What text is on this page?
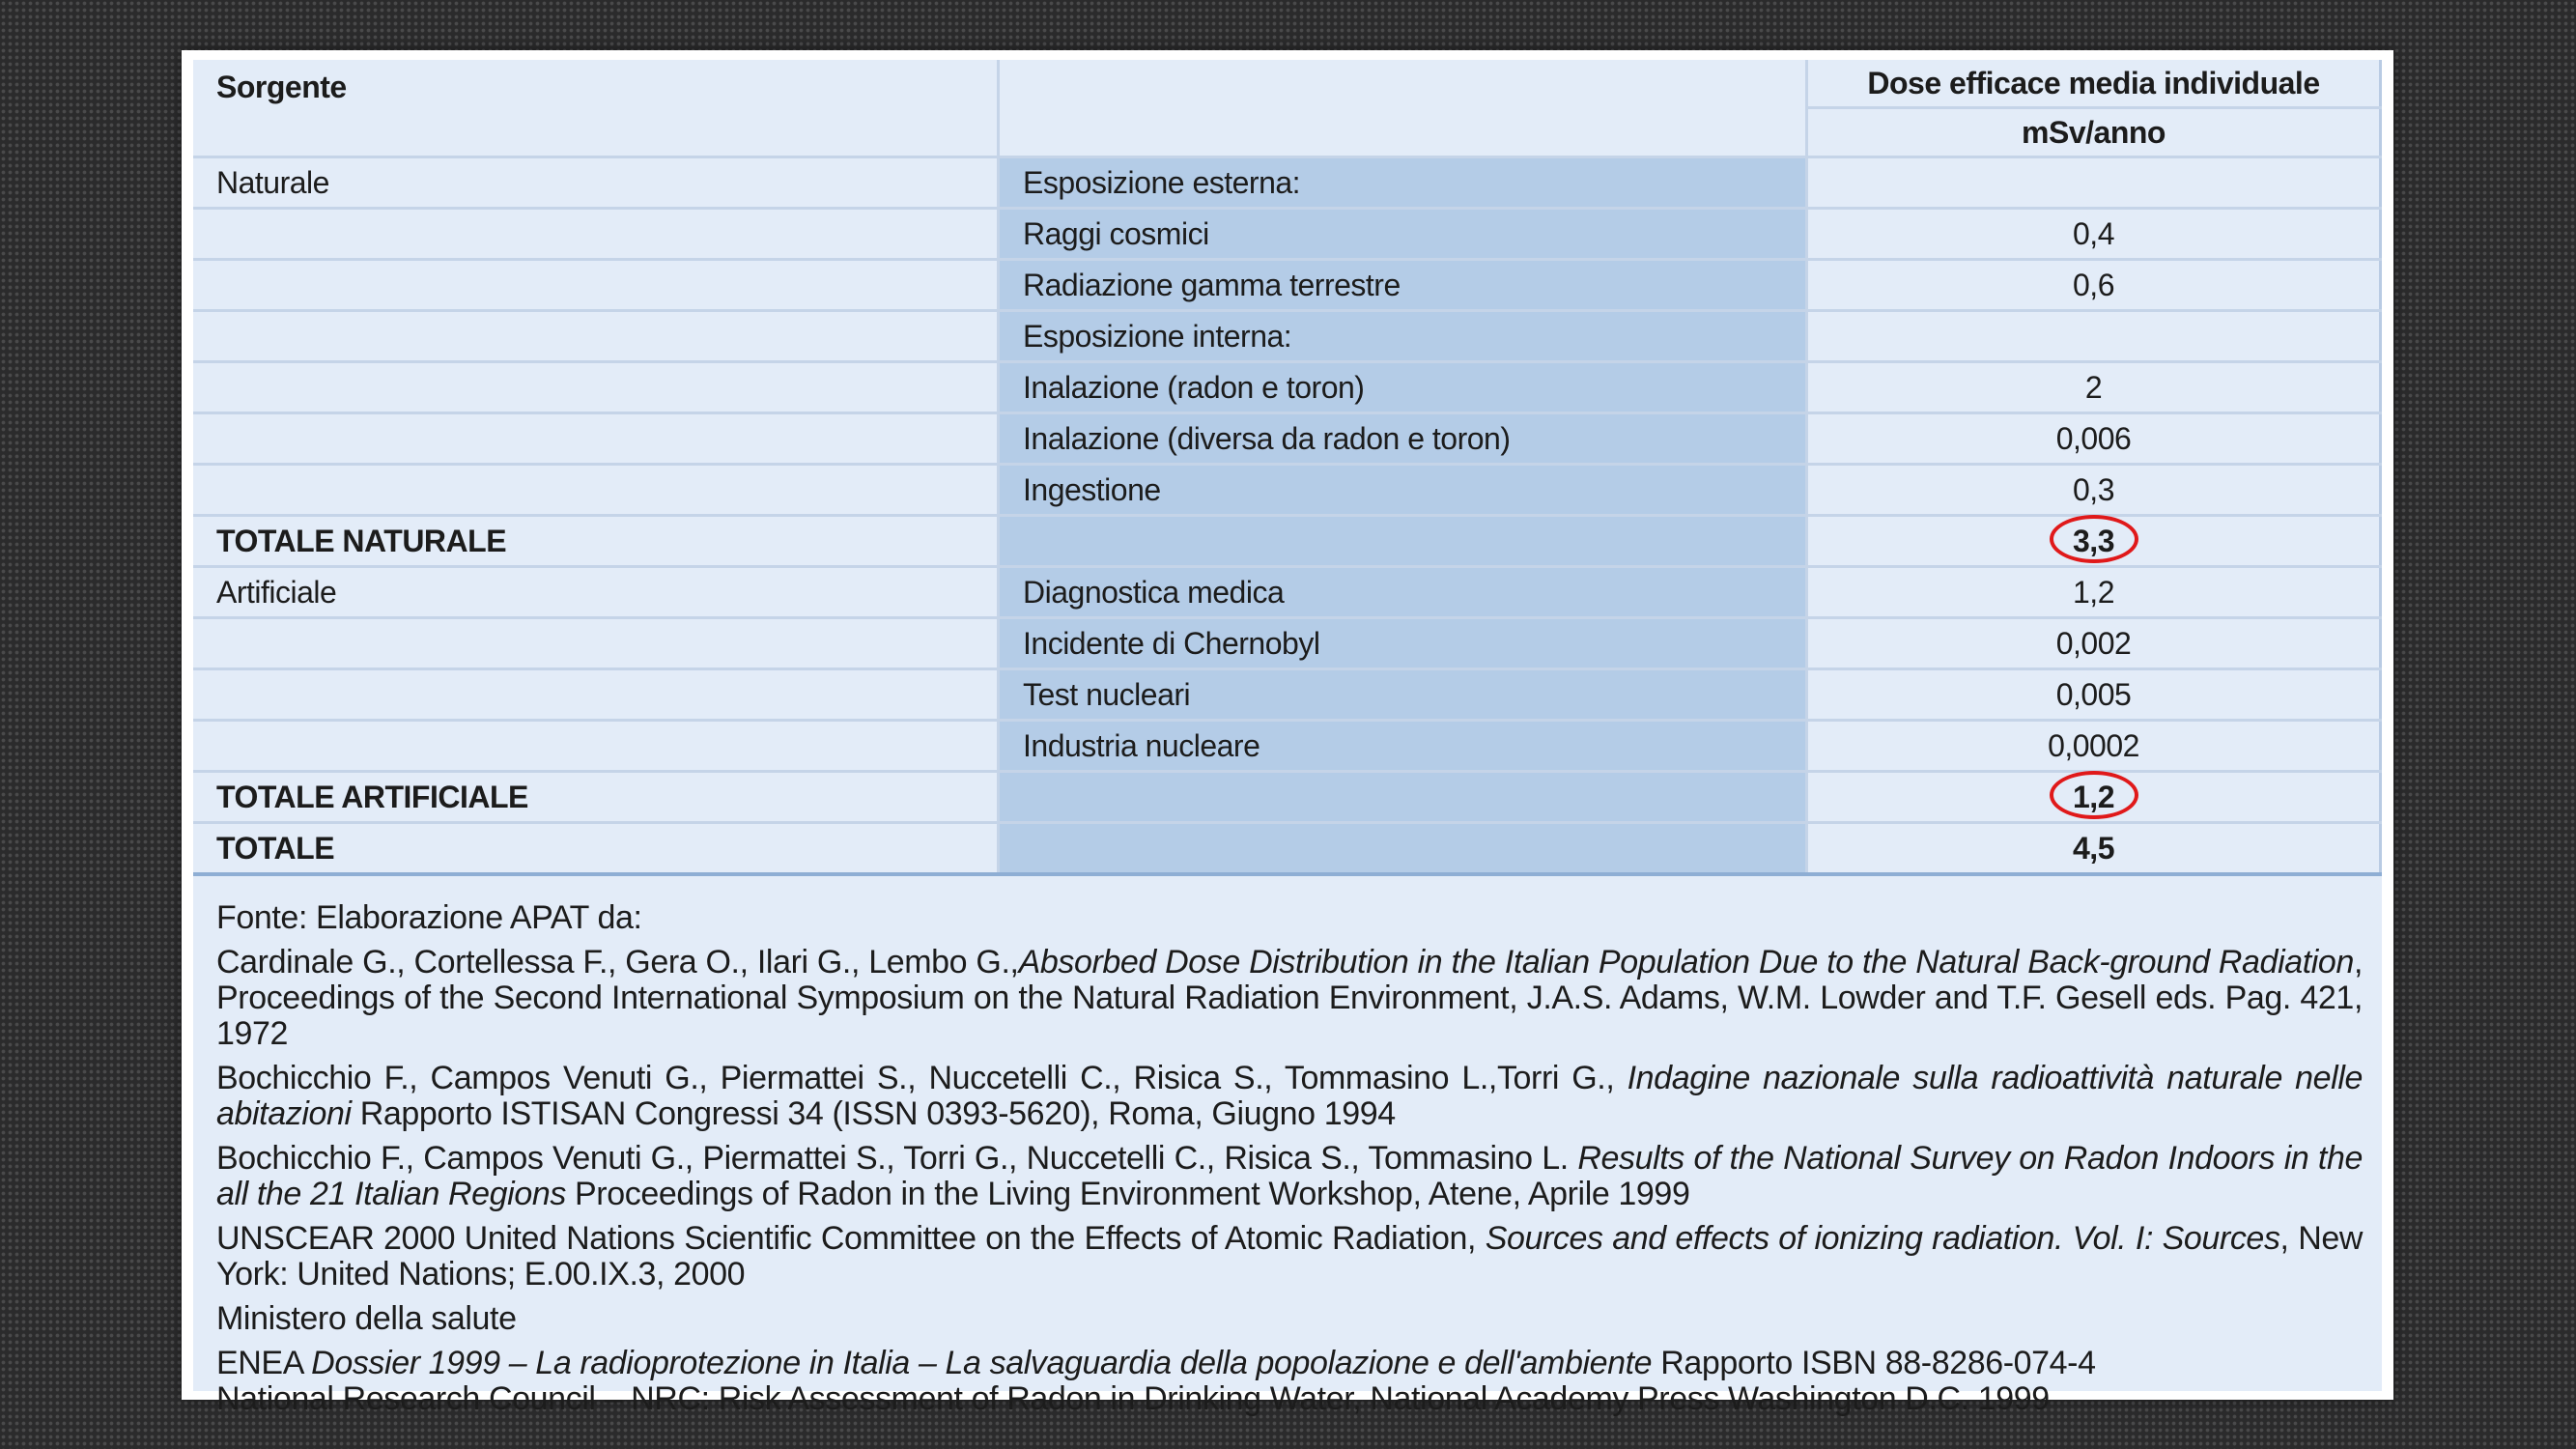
Sorgente		Dose efficace media individuale
		mSv/anno
Naturale	Esposizione esterna:	
	Raggi cosmici	0,4
	Radiazione gamma terrestre	0,6
	Esposizione interna:	
	Inalazione (radon e toron)	2
	Inalazione (diversa da radon e toron)	0,006
	Ingestione	0,3
TOTALE NATURALE		3,3

Artificiale	Diagnostica medica	1,2
	Incidente di Chernobyl	0,002
	Test nucleari	0,005
	Industria nucleare	0,0002
TOTALE ARTIFICIALE		1,2

TOTALE		4,5

Fonte: Elaborazione APAT da:

Cardinale G., Cortellessa F., Gera O., Ilari G., Lembo G.,Absorbed Dose Distribution in the Italian Population Due to the Natural Back-ground Radiation, Proceedings of the Second International Symposium on the Natural Radiation Environment, J.A.S. Adams, W.M. Lowder and T.F. Gesell eds. Pag. 421, 1972

Bochicchio F., Campos Venuti G., Piermattei S., Nuccetelli C., Risica S., Tommasino L.,Torri G., Indagine nazionale sulla radioattività naturale nelle abitazioni Rapporto ISTISAN Congressi 34 (ISSN 0393-5620), Roma, Giugno 1994

Bochicchio F., Campos Venuti G., Piermattei S., Torri G., Nuccetelli C., Risica S., Tommasino L. Results of the National Survey on Radon Indoors in the all the 21 Italian Regions Proceedings of Radon in the Living Environment Workshop, Atene, Aprile 1999

UNSCEAR 2000 United Nations Scientific Committee on the Effects of Atomic Radiation, Sources and effects of ionizing radiation. Vol. I: Sources, New York: United Nations; E.00.IX.3, 2000

Ministero della salute

ENEA Dossier 1999 – La radioprotezione in Italia – La salvaguardia della popolazione e dell'ambiente Rapporto ISBN 88-8286-074-4

National Research Council – NRC: Risk Assessment of Radon in Drinking Water, National Academy Press Washington D.C. 1999
